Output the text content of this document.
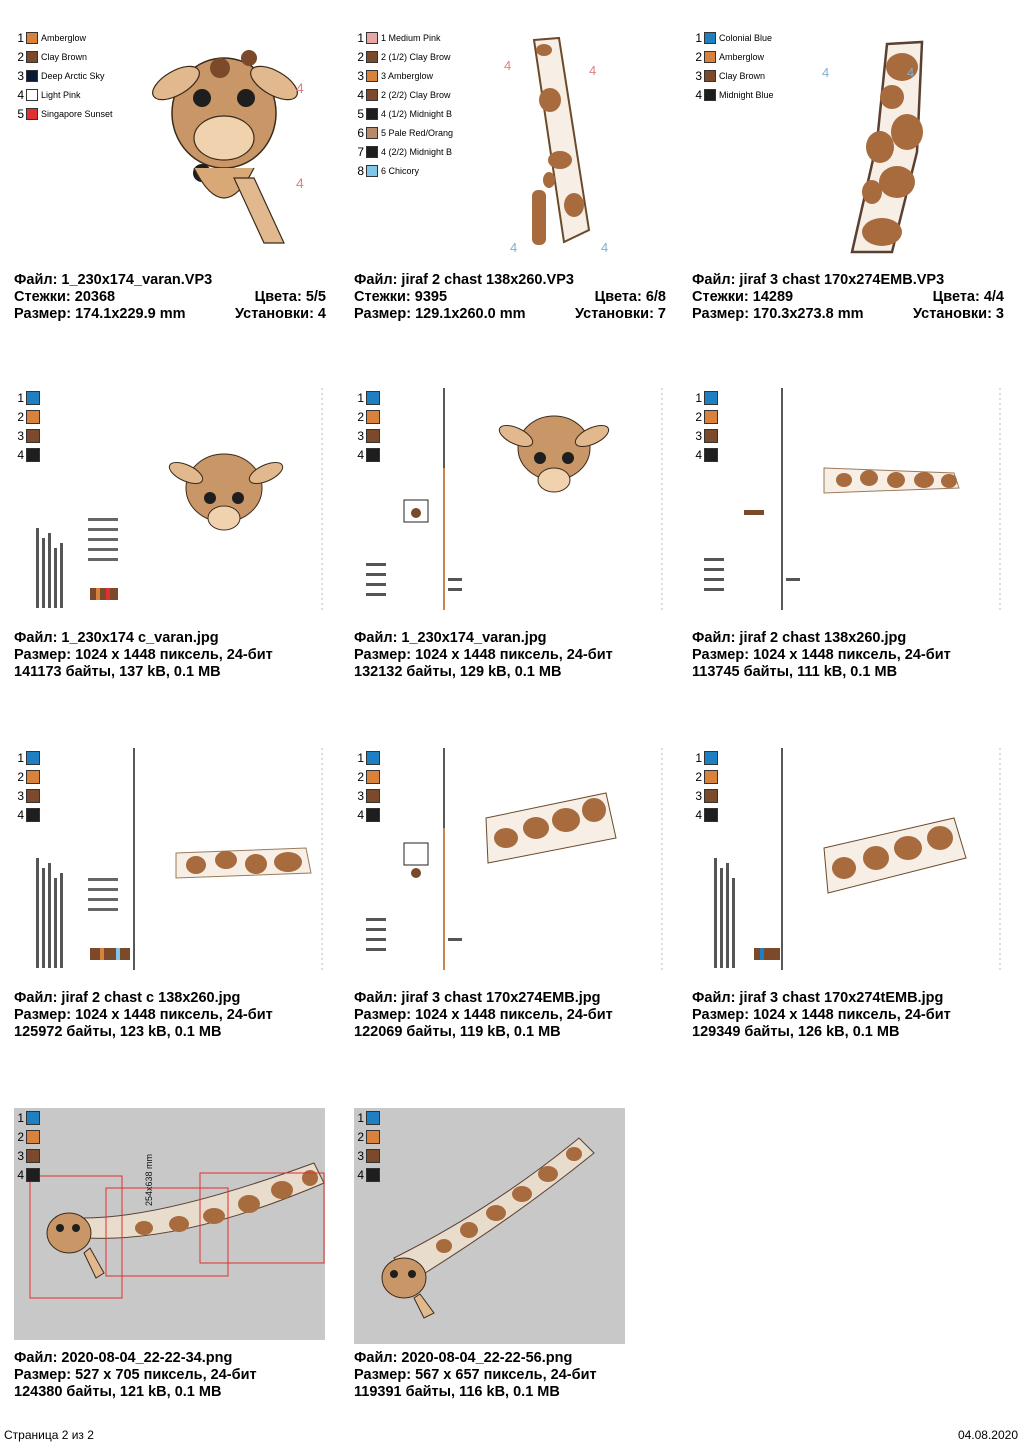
1 Amberglow
2 Clay Brown
3 Deep Arctic Sky
4 Light Pink
5 Singapore Sunset
4
4
Файл: 1_230x174_varan.VP3
Стежки: 20368	Цвета: 5/5
Размер: 174.1x229.9 mm	Установки: 4
1 1 Medium Pink
2 2 (1/2) Clay Brow
3 3 Amberglow
4 2 (2/2) Clay Brow
5 4 (1/2) Midnight B
6 5 Pale Red/Orang
7 4 (2/2) Midnight B
8 6 Chicory
4	4
4	4
Файл: jiraf 2 chast 138x260.VP3
Стежки: 9395	Цвета: 6/8
Размер: 129.1x260.0 mm	Установки: 7
1 Colonial Blue
2 Amberglow
3 Clay Brown
4 Midnight Blue
4	4
Файл: jiraf 3 chast 170x274EMB.VP3
Стежки: 14289	Цвета: 4/4
Размер: 170.3x273.8 mm	Установки: 3
1
2
3
4
Файл: 1_230x174 c_varan.jpg
Размер: 1024 x 1448 пиксель, 24-бит
141173 байты, 137 kB, 0.1 MB
1
2
3
4
Файл: 1_230x174_varan.jpg
Размер: 1024 x 1448 пиксель, 24-бит
132132 байты, 129 kB, 0.1 MB
1
2
3
4
Файл: jiraf 2 chast 138x260.jpg
Размер: 1024 x 1448 пиксель, 24-бит
113745 байты, 111 kB, 0.1 MB
1
2
3
4
Файл: jiraf 2 chast c 138x260.jpg
Размер: 1024 x 1448 пиксель, 24-бит
125972 байты, 123 kB, 0.1 MB
1
2
3
4
Файл: jiraf 3 chast 170x274EMB.jpg
Размер: 1024 x 1448 пиксель, 24-бит
122069 байты, 119 kB, 0.1 MB
1
2
3
4
Файл: jiraf 3 chast 170x274tEMB.jpg
Размер: 1024 x 1448 пиксель, 24-бит
129349 байты, 126 kB, 0.1 MB
254x638 mm
1
2
3
4
Файл: 2020-08-04_22-22-34.png
Размер: 527 x 705 пиксель, 24-бит
124380 байты, 121 kB, 0.1 MB
1
2
3
4
Файл: 2020-08-04_22-22-56.png
Размер: 567 x 657 пиксель, 24-бит
119391 байты, 116 kB, 0.1 MB
Страница 2 из 2	04.08.2020
